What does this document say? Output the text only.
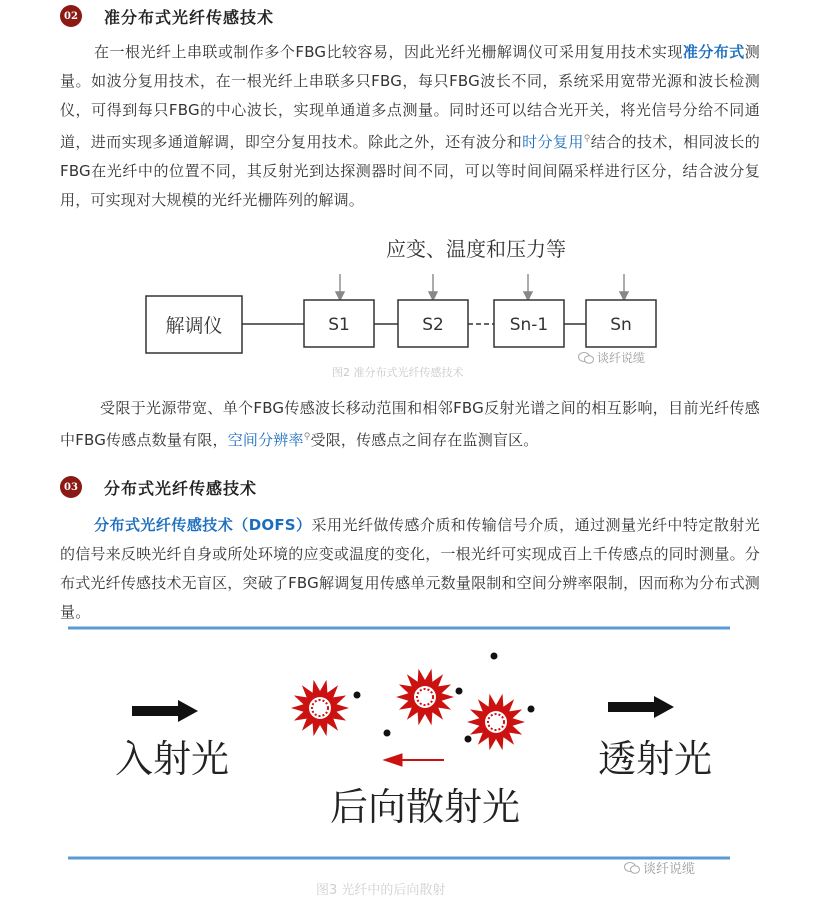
02 准分布式光纤传感技术

在一根光纤上串联或制作多个FBG比较容易，因此光纤光栅解调仪可采用复用技术实现准分布式测量。如波分复用技术，在一根光纤上串联多只FBG，每只FBG波长不同，系统采用宽带光源和波长检测仪，可得到每只FBG的中心波长，实现单通道多点测量。同时还可以结合光开关，将光信号分给不同通道，进而实现多通道解调，即空分复用技术。除此之外，还有波分和时分复用⚲结合的技术，相同波长的FBG在光纤中的位置不同，其反射光到达探测器时间不同，可以等时间间隔采样进行区分，结合波分复用，可实现对大规模的光纤光栅阵列的解调。

应变、温度和压力等
解调仪	S1	S2	Sn-1	Sn
图2 准分布式光纤传感技术
谈纤说缆

受限于光源带宽、单个FBG传感波长移动范围和相邻FBG反射光谱之间的相互影响，目前光纤传感中FBG传感点数量有限，空间分辨率⚲受限，传感点之间存在监测盲区。

03 分布式光纤传感技术

分布式光纤传感技术（DOFS）采用光纤做传感介质和传输信号介质，通过测量光纤中特定散射光的信号来反映光纤自身或所处环境的应变或温度的变化，一根光纤可实现成百上千传感点的同时测量。分布式光纤传感技术无盲区，突破了FBG解调复用传感单元数量限制和空间分辨率限制，因而称为分布式测量。

入射光	透射光
后向散射光
谈纤说缆
图3 光纤中的后向散射
